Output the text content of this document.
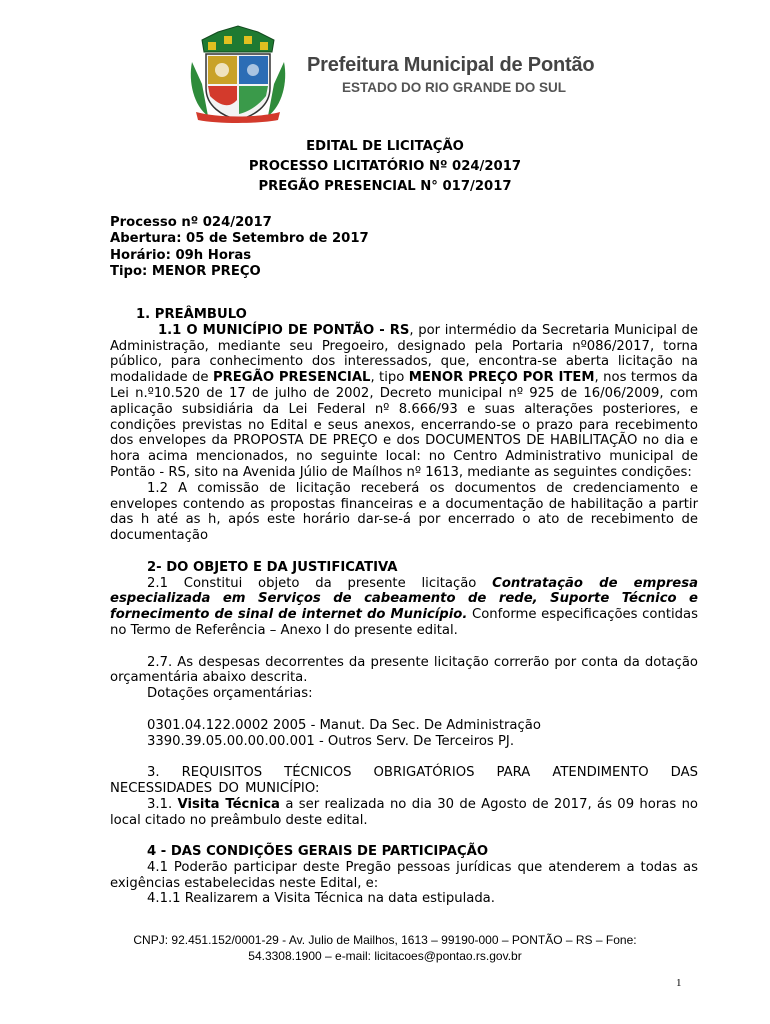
Prefeitura Municipal de Pontão
ESTADO DO RIO GRANDE DO SUL
EDITAL DE LICITAÇÃO
PROCESSO LICITATÓRIO Nº 024/2017
PREGÃO PRESENCIAL N° 017/2017
Processo nº 024/2017
Abertura: 05 de Setembro de 2017
Horário: 09h Horas
Tipo: MENOR PREÇO

1. PREÂMBULO

1.1 O MUNICÍPIO DE PONTÃO - RS, por intermédio da Secretaria Municipal de Administração, mediante seu Pregoeiro, designado pela Portaria nº086/2017, torna público, para conhecimento dos interessados, que, encontra-se aberta licitação na modalidade de PREGÃO PRESENCIAL, tipo MENOR PREÇO POR ITEM, nos termos da Lei n.º10.520 de 17 de julho de 2002, Decreto municipal nº 925 de 16/06/2009, com aplicação subsidiária da Lei Federal nº 8.666/93 e suas alterações posteriores, e condições previstas no Edital e seus anexos, encerrando-se o prazo para recebimento dos envelopes da PROPOSTA DE PREÇO e dos DOCUMENTOS DE HABILITAÇÃO no dia e hora acima mencionados, no seguinte local: no Centro Administrativo municipal de Pontão - RS, sito na Avenida Júlio de Maílhos nº 1613, mediante as seguintes condições:

1.2 A comissão de licitação receberá os documentos de credenciamento e envelopes contendo as propostas financeiras e a documentação de habilitação a partir das h até as h, após este horário dar-se-á por encerrado o ato de recebimento de documentação

2- DO OBJETO E DA JUSTIFICATIVA

2.1 Constitui objeto da presente licitação Contratação de empresa especializada em Serviços de cabeamento de rede, Suporte Técnico e fornecimento de sinal de internet do Município. Conforme especificações contidas no Termo de Referência – Anexo I do presente edital.

2.7. As despesas decorrentes da presente licitação correrão por conta da dotação orçamentária abaixo descrita.

Dotações orçamentárias:

0301.04.122.0002 2005 - Manut. Da Sec. De Administração

3390.39.05.00.00.00.001 - Outros Serv. De Terceiros PJ.

3. REQUISITOS TÉCNICOS OBRIGATÓRIOS PARA ATENDIMENTO DAS NECESSIDADES DO MUNICÍPIO:

3.1. Visita Técnica a ser realizada no dia 30 de Agosto de 2017, ás 09 horas no local citado no preâmbulo deste edital.

4 - DAS CONDIÇÕES GERAIS DE PARTICIPAÇÃO

4.1 Poderão participar deste Pregão pessoas jurídicas que atenderem a todas as exigências estabelecidas neste Edital, e:

4.1.1 Realizarem a Visita Técnica na data estipulada.

CNPJ: 92.451.152/0001-29 - Av. Julio de Mailhos, 1613 – 99190-000 – PONTÃO – RS – Fone:
54.3308.1900 – e-mail: licitacoes@pontao.rs.gov.br
1
